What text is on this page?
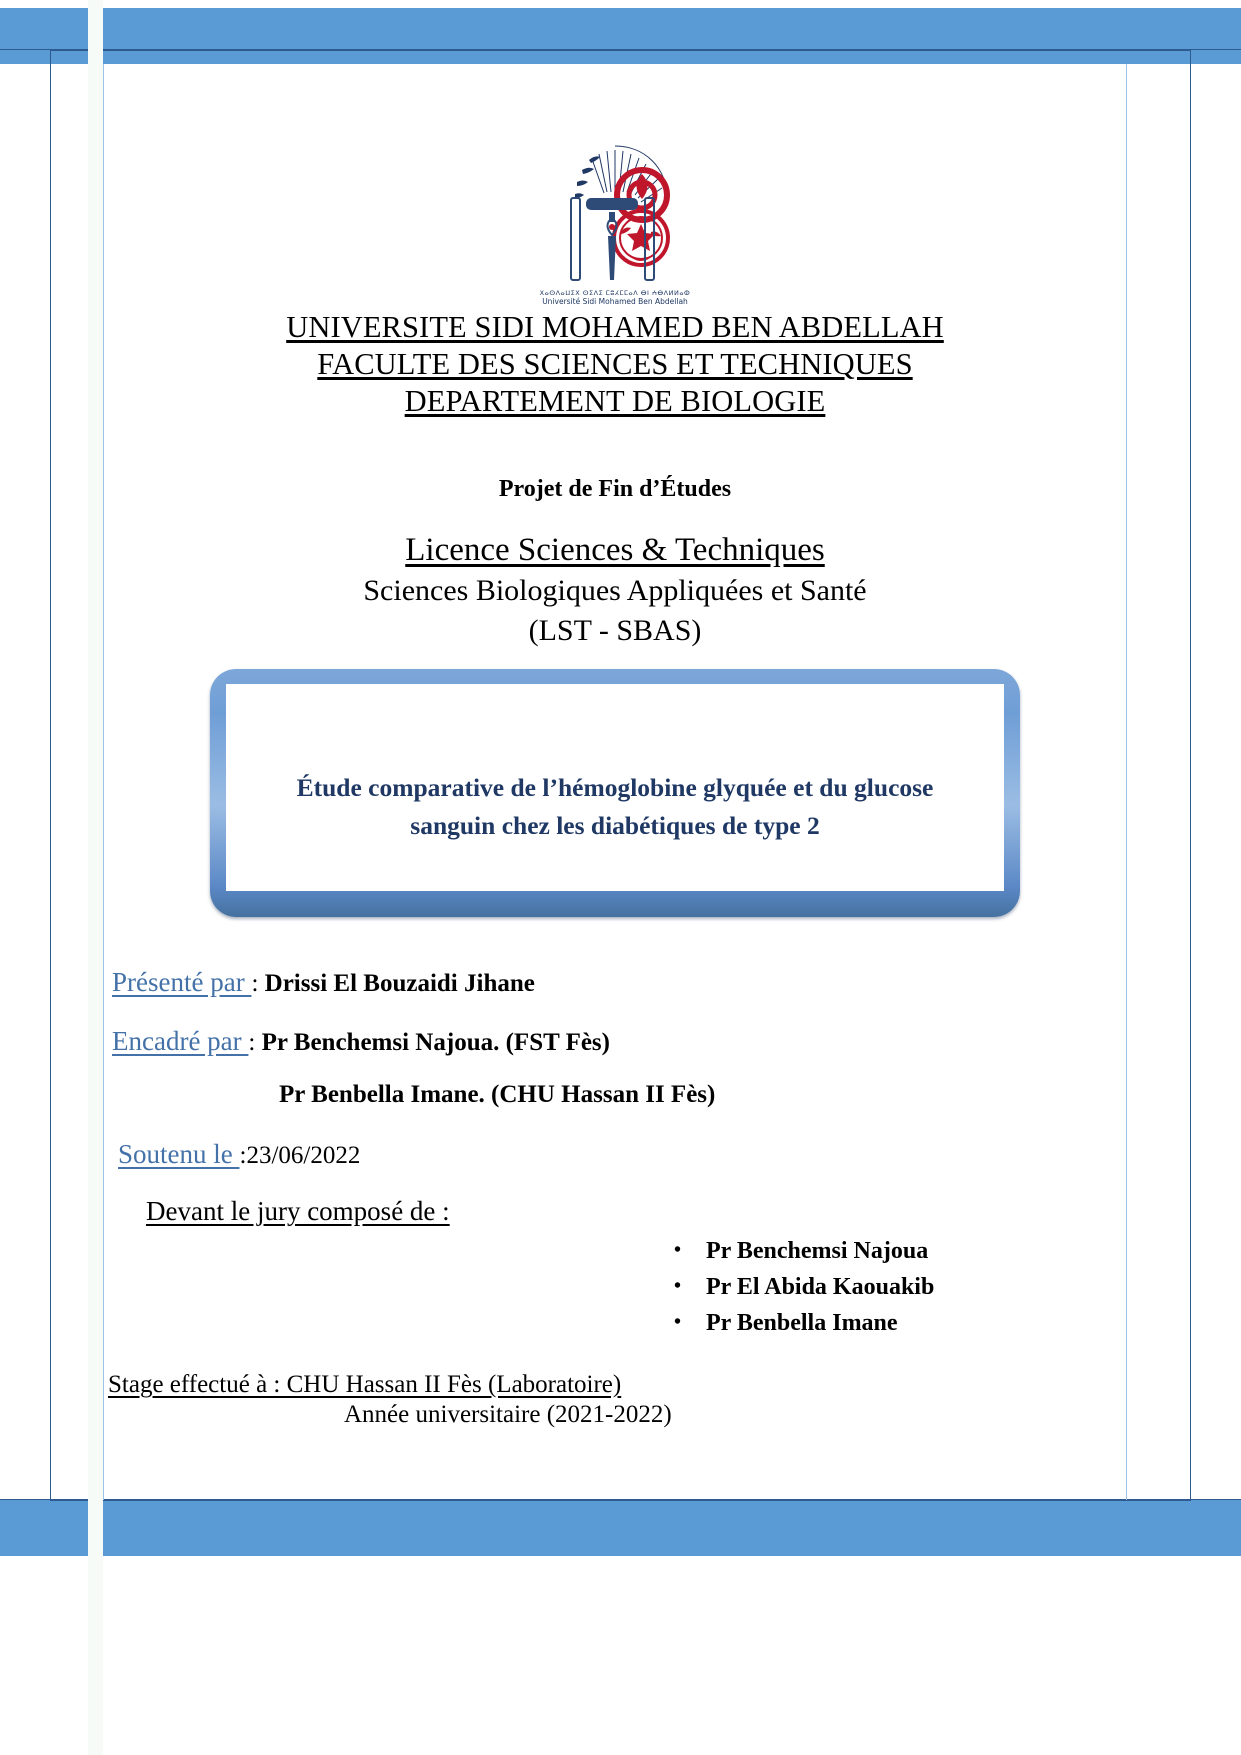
ⵝⴰⵙⴷⴰⵡⵉⵝ ⵙⵉⴷⵉ ⵎⵓⵃⵎⵎⴰⴷ ⴱⵏ ⵄⴱⴷⵍⵍⴰⵀ
Université Sidi Mohamed Ben Abdellah
UNIVERSITE SIDI MOHAMED BEN ABDELLAH
FACULTE DES SCIENCES ET TECHNIQUES
DEPARTEMENT DE BIOLOGIE
Projet de Fin d’Études
Licence Sciences & Techniques
Sciences Biologiques Appliquées et Santé
(LST - SBAS)
Étude comparative de l’hémoglobine glyquée et du glucose
sanguin chez les diabétiques de type 2
Présenté par : Drissi El Bouzaidi Jihane
Encadré par : Pr Benchemsi Najoua. (FST Fès)
Pr Benbella Imane. (CHU Hassan II Fès)
Soutenu le :23/06/2022
Devant le jury composé de :
• Pr Benchemsi Najoua
• Pr El Abida Kaouakib
• Pr Benbella Imane
Stage effectué à : CHU Hassan II Fès (Laboratoire)
Année universitaire (2021-2022)
